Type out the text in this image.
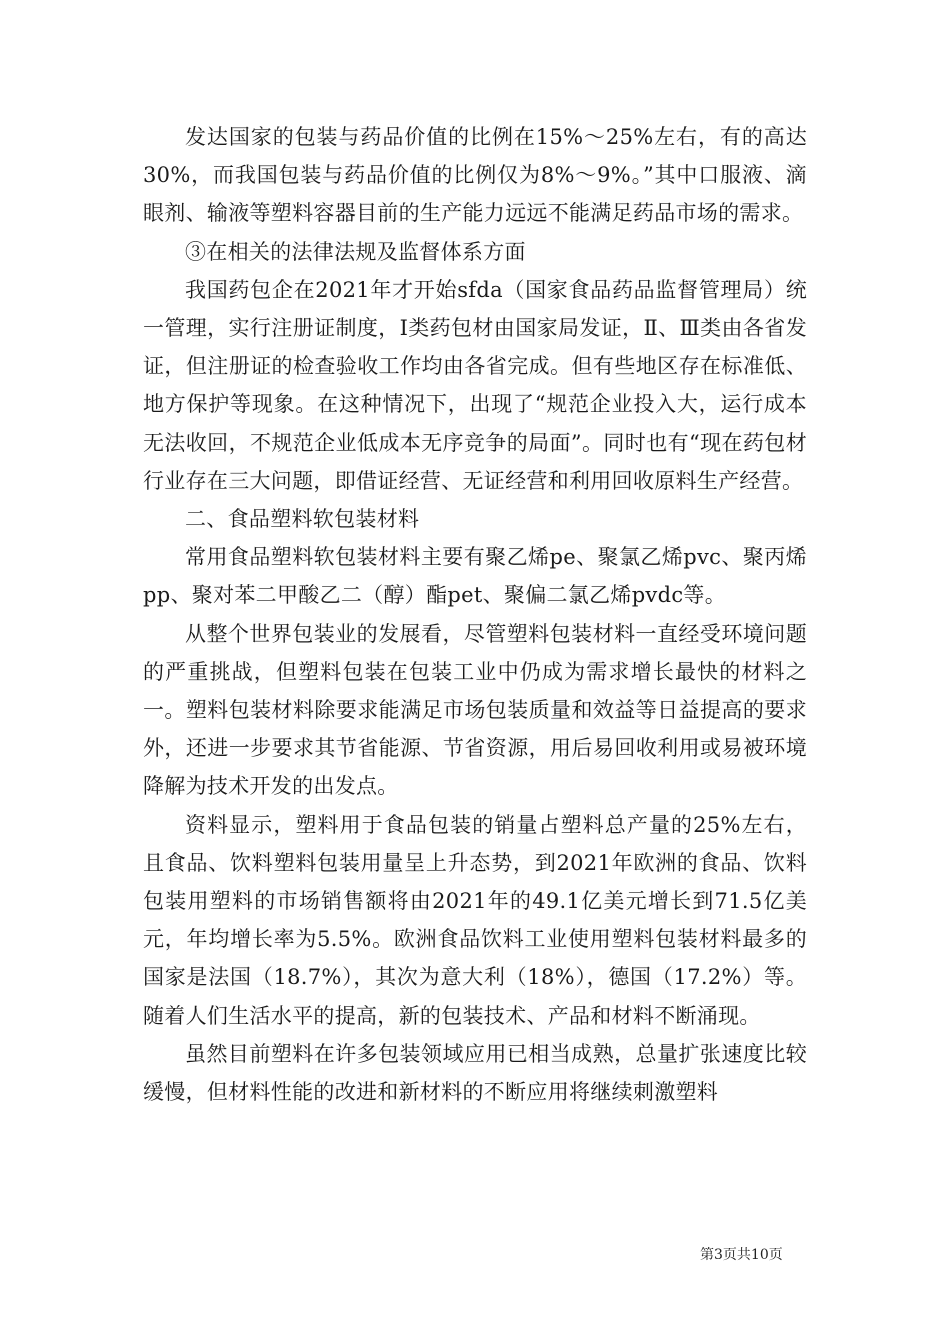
发达国家的包装与药品价值的比例在15%～25%左右，有的高达30%，而我国包装与药品价值的比例仅为8%～9%。”其中口服液、滴眼剂、输液等塑料容器目前的生产能力远远不能满足药品市场的需求。

③在相关的法律法规及监督体系方面

我国药包企在2021年才开始sfda（国家食品药品监督管理局）统一管理，实行注册证制度，Ⅰ类药包材由国家局发证，Ⅱ、Ⅲ类由各省发证，但注册证的检查验收工作均由各省完成。但有些地区存在标准低、地方保护等现象。在这种情况下，出现了“规范企业投入大，运行成本无法收回，不规范企业低成本无序竞争的局面”。同时也有“现在药包材行业存在三大问题，即借证经营、无证经营和利用回收原料生产经营。

二、食品塑料软包装材料

常用食品塑料软包装材料主要有聚乙烯pe、聚氯乙烯pvc、聚丙烯pp、聚对苯二甲酸乙二（醇）酯pet、聚偏二氯乙烯pvdc等。

从整个世界包装业的发展看，尽管塑料包装材料一直经受环境问题的严重挑战，但塑料包装在包装工业中仍成为需求增长最快的材料之一。塑料包装材料除要求能满足市场包装质量和效益等日益提高的要求外，还进一步要求其节省能源、节省资源，用后易回收利用或易被环境降解为技术开发的出发点。

资料显示，塑料用于食品包装的销量占塑料总产量的25%左右，且食品、饮料塑料包装用量呈上升态势，到2021年欧洲的食品、饮料包装用塑料的市场销售额将由2021年的49.1亿美元增长到71.5亿美元，年均增长率为5.5%。欧洲食品饮料工业使用塑料包装材料最多的国家是法国（18.7%），其次为意大利（18%），德国（17.2%）等。随着人们生活水平的提高，新的包装技术、产品和材料不断涌现。

虽然目前塑料在许多包装领域应用已相当成熟，总量扩张速度比较缓慢，但材料性能的改进和新材料的不断应用将继续刺激塑料

第3页共10页
